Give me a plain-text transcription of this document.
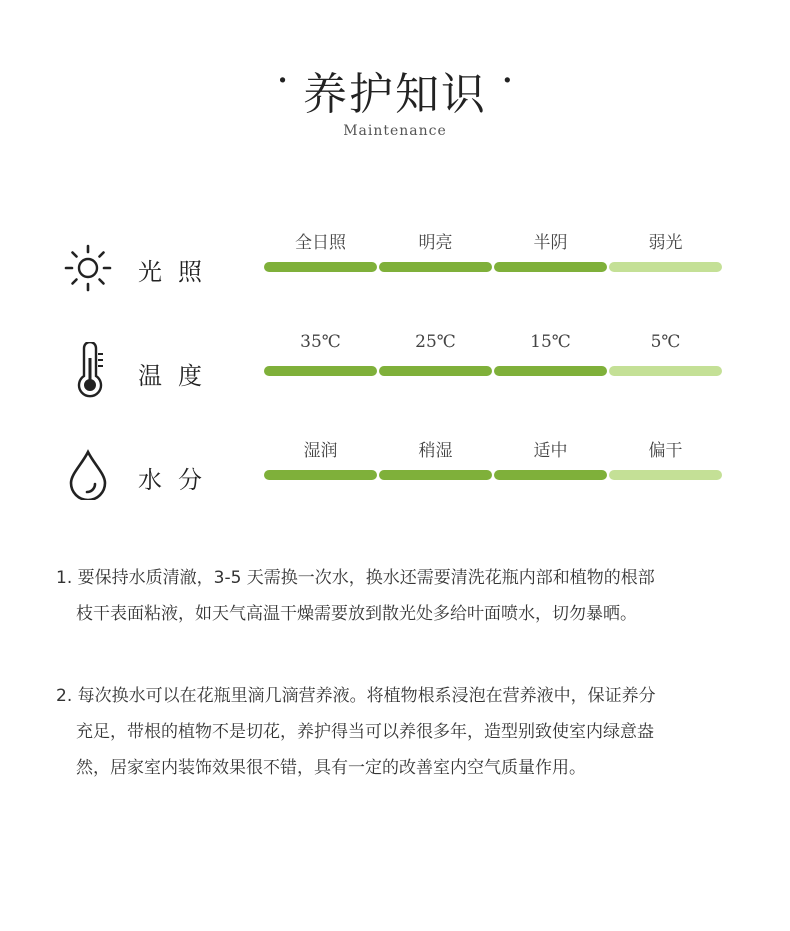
· 养护知识 ·
Maintenance
光照
全日照	明亮	半阴	弱光
温度
35℃	25℃	15℃	5℃
水分
湿润	稍湿	适中	偏干
1. 要保持水质清澈，3-5 天需换一次水，换水还需要清洗花瓶内部和植物的根部
枝干表面粘液，如天气高温干燥需要放到散光处多给叶面喷水，切勿暴晒。
2. 每次换水可以在花瓶里滴几滴营养液。将植物根系浸泡在营养液中，保证养分
充足，带根的植物不是切花，养护得当可以养很多年，造型别致使室内绿意盎
然，居家室内装饰效果很不错，具有一定的改善室内空气质量作用。
